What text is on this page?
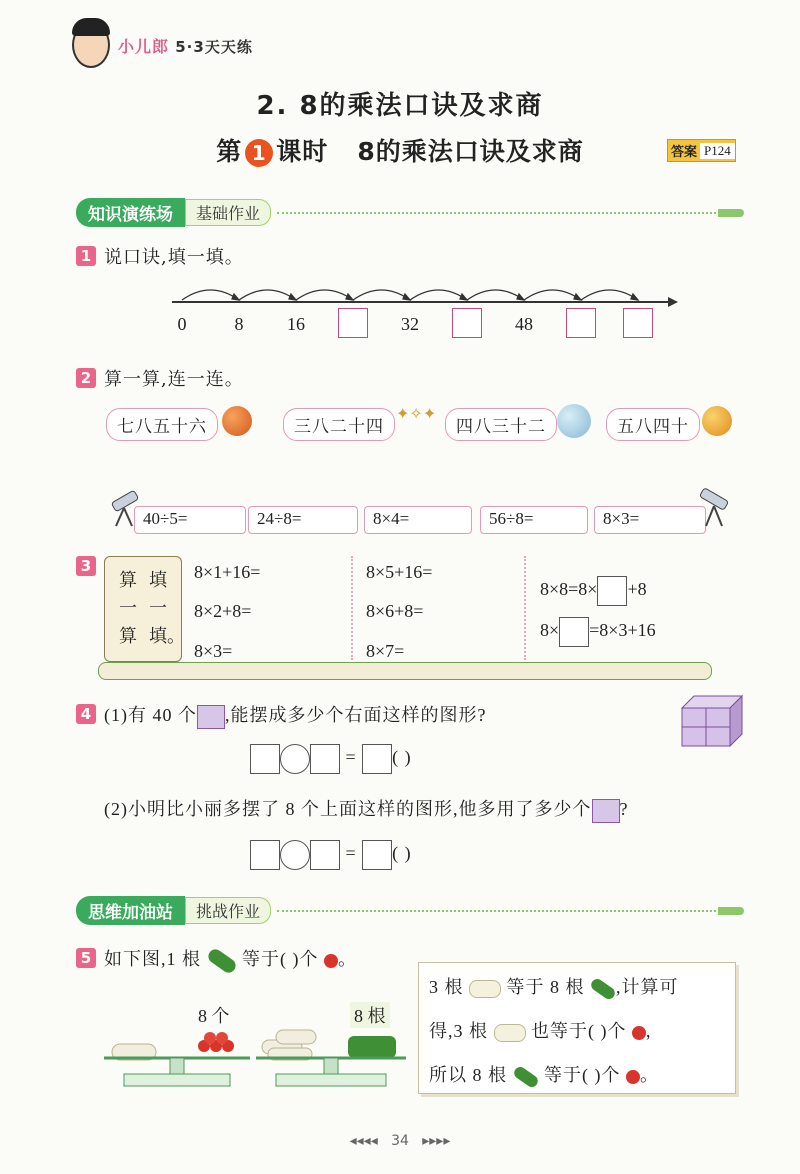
小儿郎 5·3天天练
2. 8的乘法口诀及求商
第 1 课时 8的乘法口诀及求商	答案 P124
知识演练场	基础作业
1 说口诀,填一填。
0	8	16	32	48
2 算一算,连一连。
七八五十六	三八二十四
✦✧✦
四八三十二	五八四十
40÷5=	24÷8=	8×4=	56÷8=	8×3=
3
算
一
算
填
一
填。
8×1+16=
8×2+8=
8×3=
8×5+16=
8×6+8=
8×7=
8×8=8× +8
8× =8×3+16
4 (1)有 40 个 ,能摆成多少个右面这样的图形?
= ( )
(2)小明比小丽多摆了 8 个上面这样的图形,他多用了多少个 ?
= ( )
思维加油站	挑战作业
5 如下图,1 根 等于( )个 。
8 个	8 根
3 根 等于 8 根 ,计算可
得,3 根 也等于( )个 ,
所以 8 根 等于( )个 。
◂◂◂◂   34   ▸▸▸▸
